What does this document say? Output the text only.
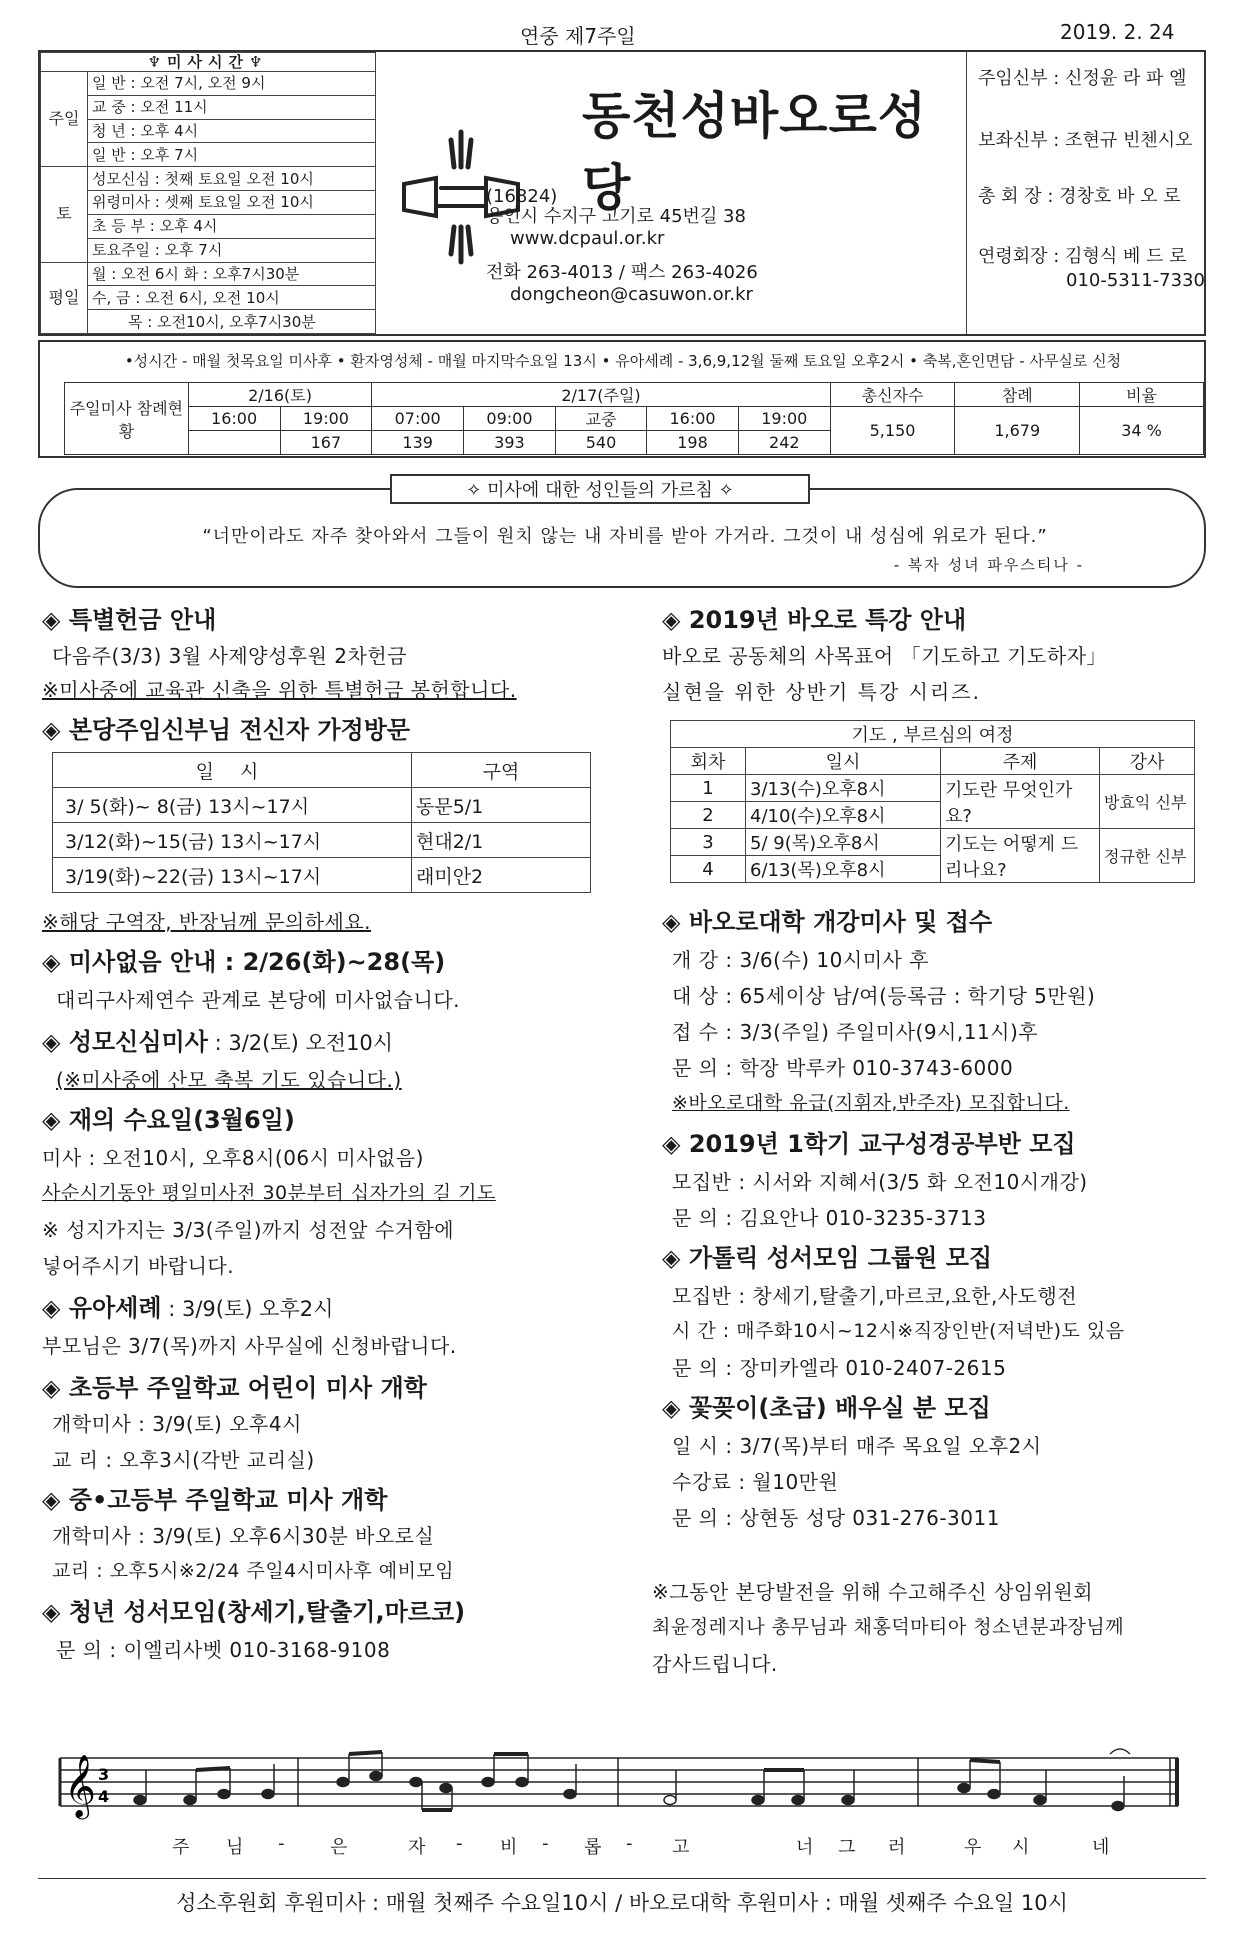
연중 제7주일	2019. 2. 24
♆미사시간♆	
주일	일 반 : 오전 7시, 오전 9시
	교 중 : 오전 11시
	청 년 : 오후 4시
	일 반 : 오후 7시
토	성모신심 : 첫째 토요일 오전 10시
	위령미사 : 셋째 토요일 오전 10시
	초 등 부 : 오후 4시
	토요주일 : 오후 7시
평일	월 : 오전 6시 화 : 오후7시30분
	수, 금 : 오전 6시, 오전 10시
	목 : 오전10시, 오후7시30분
동천성바오로성당
(16824)
용인시 수지구 고기로 45번길 38
www.dcpaul.or.kr
전화 263-4013 / 팩스 263-4026
dongcheon@casuwon.or.kr
주임신부 : 신정윤 라 파 엘
보좌신부 : 조현규 빈첸시오
총 회 장 : 경창호 바 오 로
연령회장 : 김형식 베 드 로
010-5311-7330
•성시간 - 매월 첫목요일 미사후 • 환자영성체 - 매월 마지막수요일 13시 • 유아세례 - 3,6,9,12월 둘째 토요일 오후2시 • 축복,혼인면담 - 사무실로 신청
주일미사 참례현황	2/16(토)		2/17(주일)					총신자수	참례	비율
	16:00	19:00	07:00	09:00	교중	16:00	19:00	5,150	1,679	34 %
		167	139	393	540	198	242			
“너만이라도 자주 찾아와서 그들이 원치 않는 내 자비를 받아 가거라. 그것이 내 성심에 위로가 된다.”
- 복자 성녀 파우스티나 -
✧ 미사에 대한 성인들의 가르침 ✧
◈ 특별헌금 안내
다음주(3/3) 3월 사제양성후원 2차헌금
※미사중에 교육관 신축을 위한 특별헌금 봉헌합니다.
◈ 본당주임신부님 전신자 가정방문
일 시	구역
3/ 5(화)~ 8(금) 13시~17시	동문5/1
3/12(화)~15(금) 13시~17시	현대2/1
3/19(화)~22(금) 13시~17시	래미안2
※해당 구역장, 반장님께 문의하세요.
◈ 미사없음 안내 : 2/26(화)~28(목)
대리구사제연수 관계로 본당에 미사없습니다.
◈ 성모신심미사 : 3/2(토) 오전10시
(※미사중에 산모 축복 기도 있습니다.)
◈ 재의 수요일(3월6일)
미사 : 오전10시, 오후8시(06시 미사없음)
사순시기동안 평일미사전 30분부터 십자가의 길 기도
※ 성지가지는 3/3(주일)까지 성전앞 수거함에
넣어주시기 바랍니다.
◈ 유아세례 : 3/9(토) 오후2시
부모님은 3/7(목)까지 사무실에 신청바랍니다.
◈ 초등부 주일학교 어린이 미사 개학
개학미사 : 3/9(토) 오후4시
교 리 : 오후3시(각반 교리실)
◈ 중•고등부 주일학교 미사 개학
개학미사 : 3/9(토) 오후6시30분 바오로실
교리 : 오후5시※2/24 주일4시미사후 예비모임
◈ 청년 성서모임(창세기,탈출기,마르코)
문 의 : 이엘리사벳 010-3168-9108
◈ 2019년 바오로 특강 안내
바오로 공동체의 사목표어 「기도하고 기도하자」
실현을 위한 상반기 특강 시리즈.
기도 , 부르심의 여정			
회차	일시	주제	강사
1	3/13(수)오후8시	기도란 무엇인가요?	방효익 신부
2	4/10(수)오후8시		
3	5/ 9(목)오후8시	기도는 어떻게 드리나요?	정규한 신부
4	6/13(목)오후8시		
◈ 바오로대학 개강미사 및 접수
개 강 : 3/6(수) 10시미사 후
대 상 : 65세이상 남/여(등록금 : 학기당 5만원)
접 수 : 3/3(주일) 주일미사(9시,11시)후
문 의 : 학장 박루카 010-3743-6000
※바오로대학 유급(지휘자,반주자) 모집합니다.
◈ 2019년 1학기 교구성경공부반 모집
모집반 : 시서와 지혜서(3/5 화 오전10시개강)
문 의 : 김요안나 010-3235-3713
◈ 가톨릭 성서모임 그룹원 모집
모집반 : 창세기,탈출기,마르코,요한,사도행전
시 간 : 매주화10시~12시※직장인반(저녁반)도 있음
문 의 : 장미카엘라 010-2407-2615
◈ 꽃꽂이(초급) 배우실 분 모집
일 시 : 3/7(목)부터 매주 목요일 오후2시
수강료 : 월10만원
문 의 : 상현동 성당 031-276-3011
※그동안 본당발전을 위해 수고해주신 상임위원회
최윤정레지나 총무님과 채홍덕마티아 청소년분과장님께
감사드립니다.
𝄞 3
4
주 님 - 은	자 - 비 - 롭 - 고	너 그 러	우 시	네
성소후원회 후원미사 : 매월 첫째주 수요일10시 / 바오로대학 후원미사 : 매월 셋째주 수요일 10시
